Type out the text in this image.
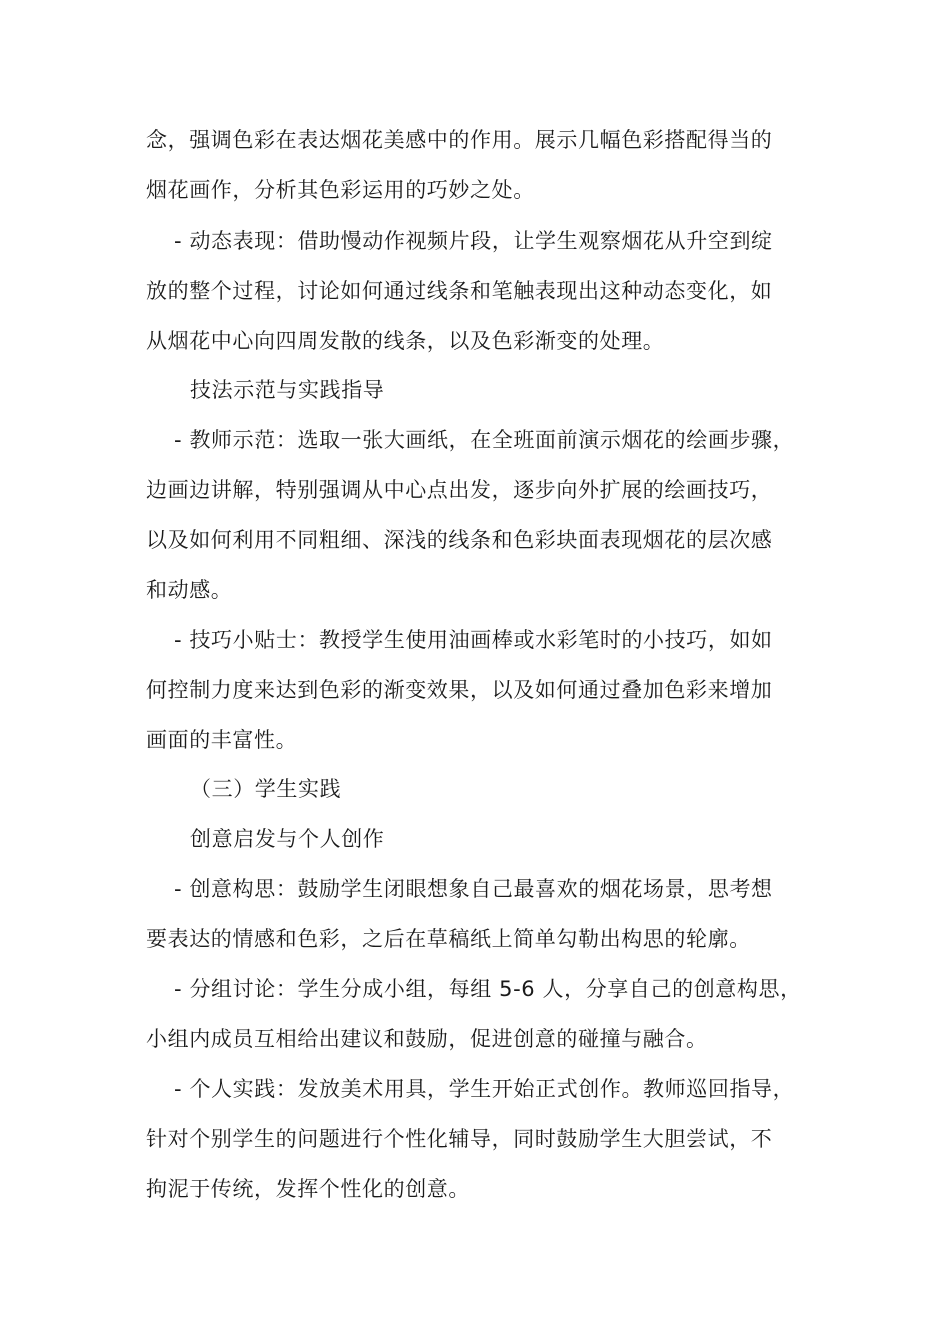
念，强调色彩在表达烟花美感中的作用。展示几幅色彩搭配得当的
烟花画作，分析其色彩运用的巧妙之处。
- 动态表现：借助慢动作视频片段，让学生观察烟花从升空到绽
放的整个过程，讨论如何通过线条和笔触表现出这种动态变化，如
从烟花中心向四周发散的线条，以及色彩渐变的处理。
技法示范与实践指导
- 教师示范：选取一张大画纸，在全班面前演示烟花的绘画步骤，
边画边讲解，特别强调从中心点出发，逐步向外扩展的绘画技巧，
以及如何利用不同粗细、深浅的线条和色彩块面表现烟花的层次感
和动感。
- 技巧小贴士：教授学生使用油画棒或水彩笔时的小技巧，如如
何控制力度来达到色彩的渐变效果，以及如何通过叠加色彩来增加
画面的丰富性。
（三）学生实践
创意启发与个人创作
- 创意构思：鼓励学生闭眼想象自己最喜欢的烟花场景，思考想
要表达的情感和色彩，之后在草稿纸上简单勾勒出构思的轮廓。
- 分组讨论：学生分成小组，每组 5-6 人，分享自己的创意构思，
小组内成员互相给出建议和鼓励，促进创意的碰撞与融合。
- 个人实践：发放美术用具，学生开始正式创作。教师巡回指导，
针对个别学生的问题进行个性化辅导，同时鼓励学生大胆尝试，不
拘泥于传统，发挥个性化的创意。
